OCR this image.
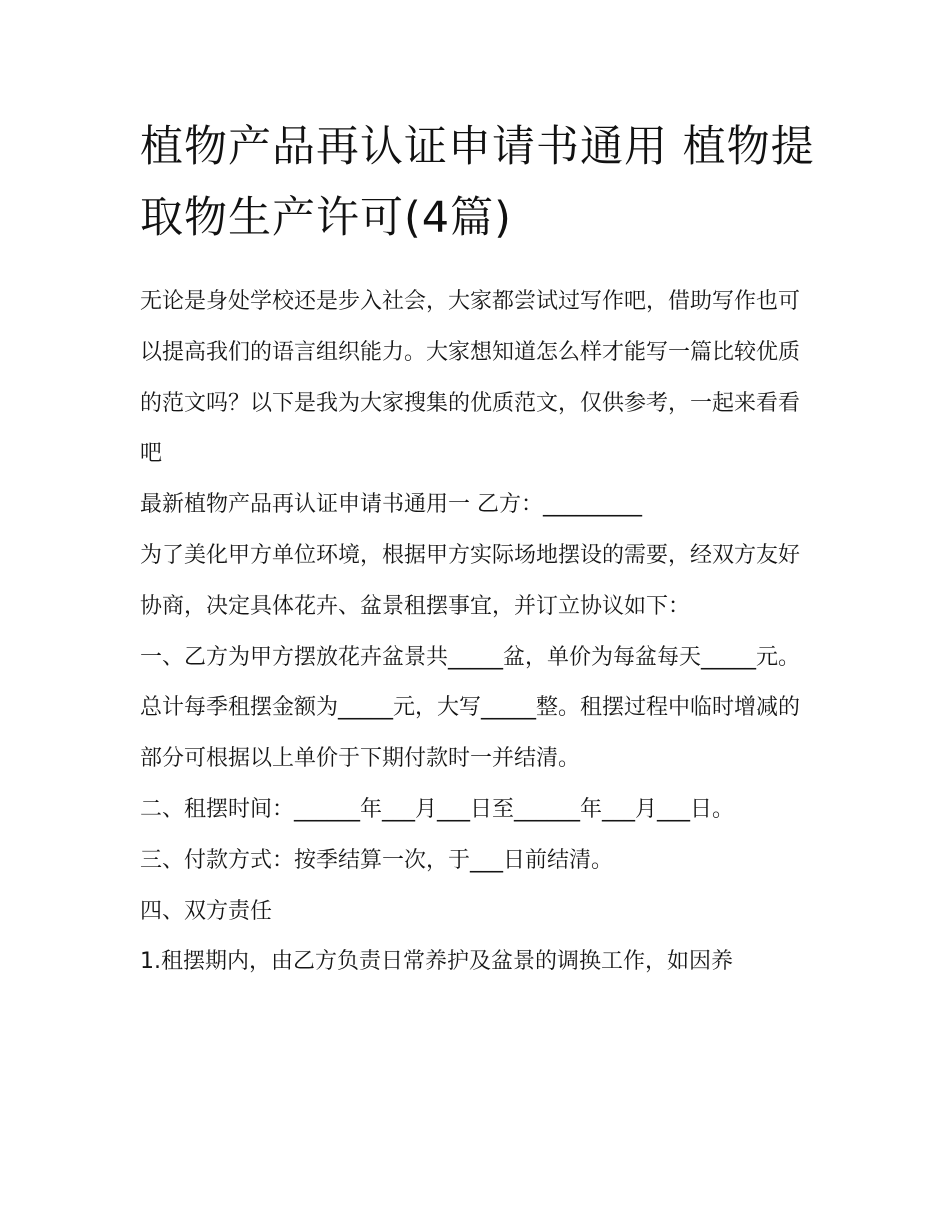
植物产品再认证申请书通用 植物提取物生产许可(4篇)

无论是身处学校还是步入社会，大家都尝试过写作吧，借助写作也可以提高我们的语言组织能力。大家想知道怎么样才能写一篇比较优质的范文吗？以下是我为大家搜集的优质范文，仅供参考，一起来看看吧

最新植物产品再认证申请书通用一 乙方：_________

为了美化甲方单位环境，根据甲方实际场地摆设的需要，经双方友好协商，决定具体花卉、盆景租摆事宜，并订立协议如下：

一、乙方为甲方摆放花卉盆景共_____盆，单价为每盆每天_____元。总计每季租摆金额为_____元，大写_____整。租摆过程中临时增减的部分可根据以上单价于下期付款时一并结清。

二、租摆时间：______年___月___日至______年___月___日。

三、付款方式：按季结算一次，于___日前结清。

四、双方责任

1.租摆期内，由乙方负责日常养护及盆景的调换工作，如因养
